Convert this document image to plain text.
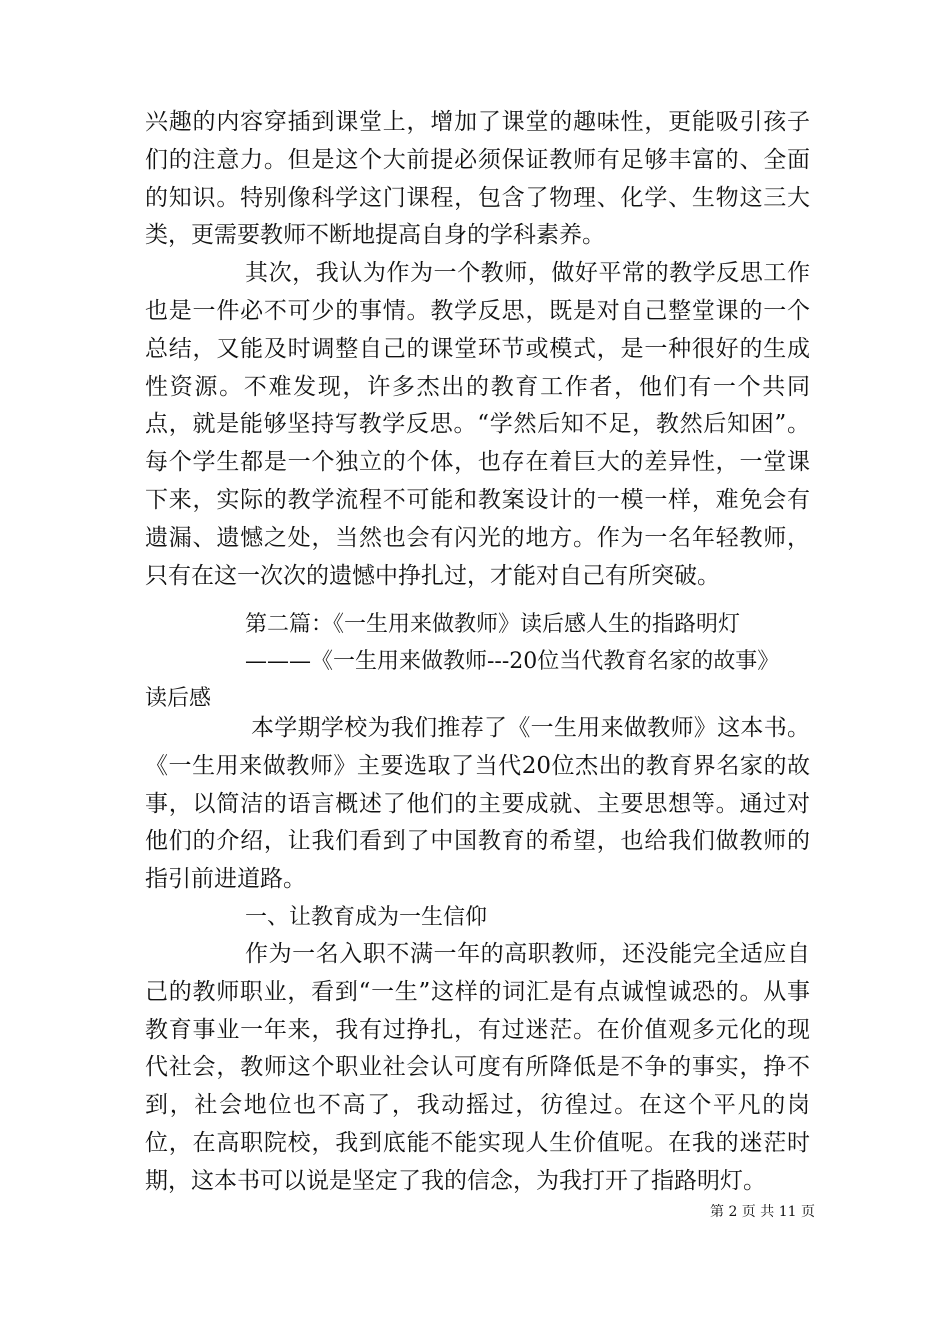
兴趣的内容穿插到课堂上，增加了课堂的趣味性，更能吸引孩子们的注意力。但是这个大前提必须保证教师有足够丰富的、全面的知识。特别像科学这门课程，包含了物理、化学、生物这三大类，更需要教师不断地提高自身的学科素养。

其次，我认为作为一个教师，做好平常的教学反思工作也是一件必不可少的事情。教学反思，既是对自己整堂课的一个总结，又能及时调整自己的课堂环节或模式，是一种很好的生成性资源。不难发现，许多杰出的教育工作者，他们有一个共同点，就是能够坚持写教学反思。“学然后知不足，教然后知困”。每个学生都是一个独立的个体，也存在着巨大的差异性，一堂课下来，实际的教学流程不可能和教案设计的一模一样，难免会有遗漏、遗憾之处，当然也会有闪光的地方。作为一名年轻教师，只有在这一次次的遗憾中挣扎过，才能对自己有所突破。

第二篇：《一生用来做教师》读后感人生的指路明灯
———《一生用来做教师---20位当代教育名家的故事》
读后感

本学期学校为我们推荐了《一生用来做教师》这本书。《一生用来做教师》主要选取了当代20位杰出的教育界名家的故事，以简洁的语言概述了他们的主要成就、主要思想等。通过对他们的介绍，让我们看到了中国教育的希望，也给我们做教师的指引前进道路。

一、让教育成为一生信仰

作为一名入职不满一年的高职教师，还没能完全适应自己的教师职业，看到“一生”这样的词汇是有点诚惶诚恐的。从事教育事业一年来，我有过挣扎，有过迷茫。在价值观多元化的现代社会，教师这个职业社会认可度有所降低是不争的事实，挣不到，社会地位也不高了，我动摇过，彷徨过。在这个平凡的岗位，在高职院校，我到底能不能实现人生价值呢。在我的迷茫时期，这本书可以说是坚定了我的信念，为我打开了指路明灯。

第 2 页 共 11 页
